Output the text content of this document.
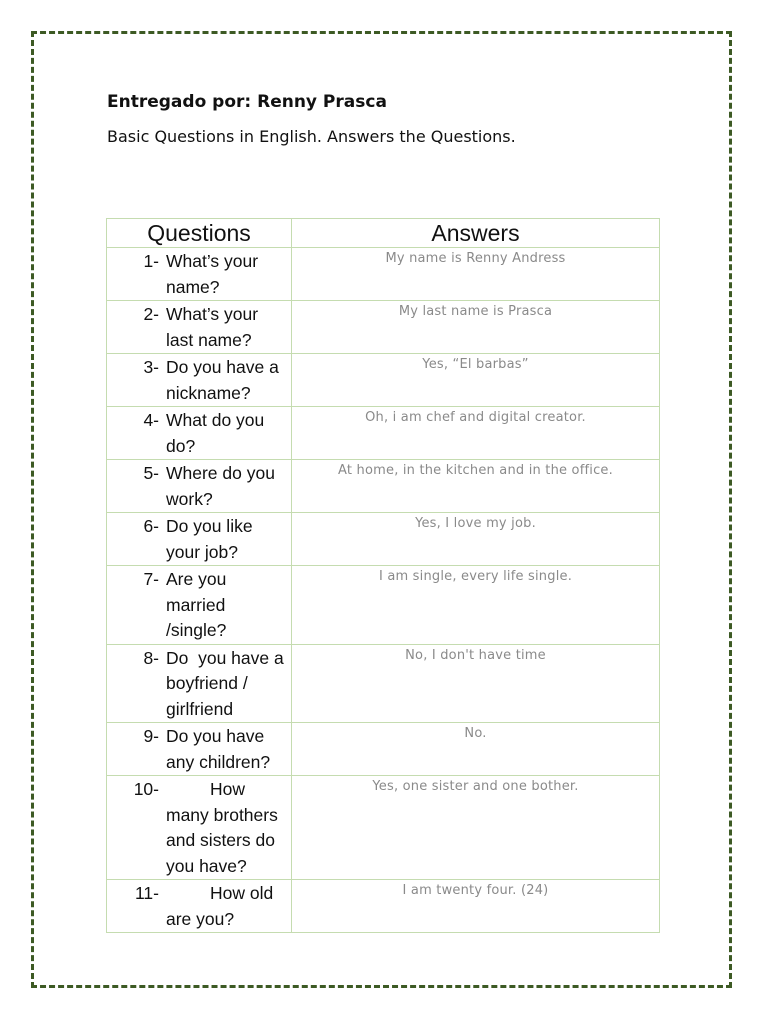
Entregado por: Renny Prasca
Basic Questions in English. Answers the Questions.
Questions	Answers

1- What’s your name?	My name is Renny Andress

2- What’s your last name?	My last name is Prasca

3- Do you have a nickname?	Yes, “El barbas”

4- What do you do?	Oh, i am chef and digital creator.

5- Where do you work?	At home, in the kitchen and in the office.

6- Do you like your job?	Yes, I love my job.

7- Are you married /single?	I am single, every life single.

8- Do  you have a boyfriend / girlfriend	No, I don't have time

9- Do you have any children?	No.

10- How many brothers and sisters do you have?	Yes, one sister and one bother.

11- How old are you?	I am twenty four. (24)
